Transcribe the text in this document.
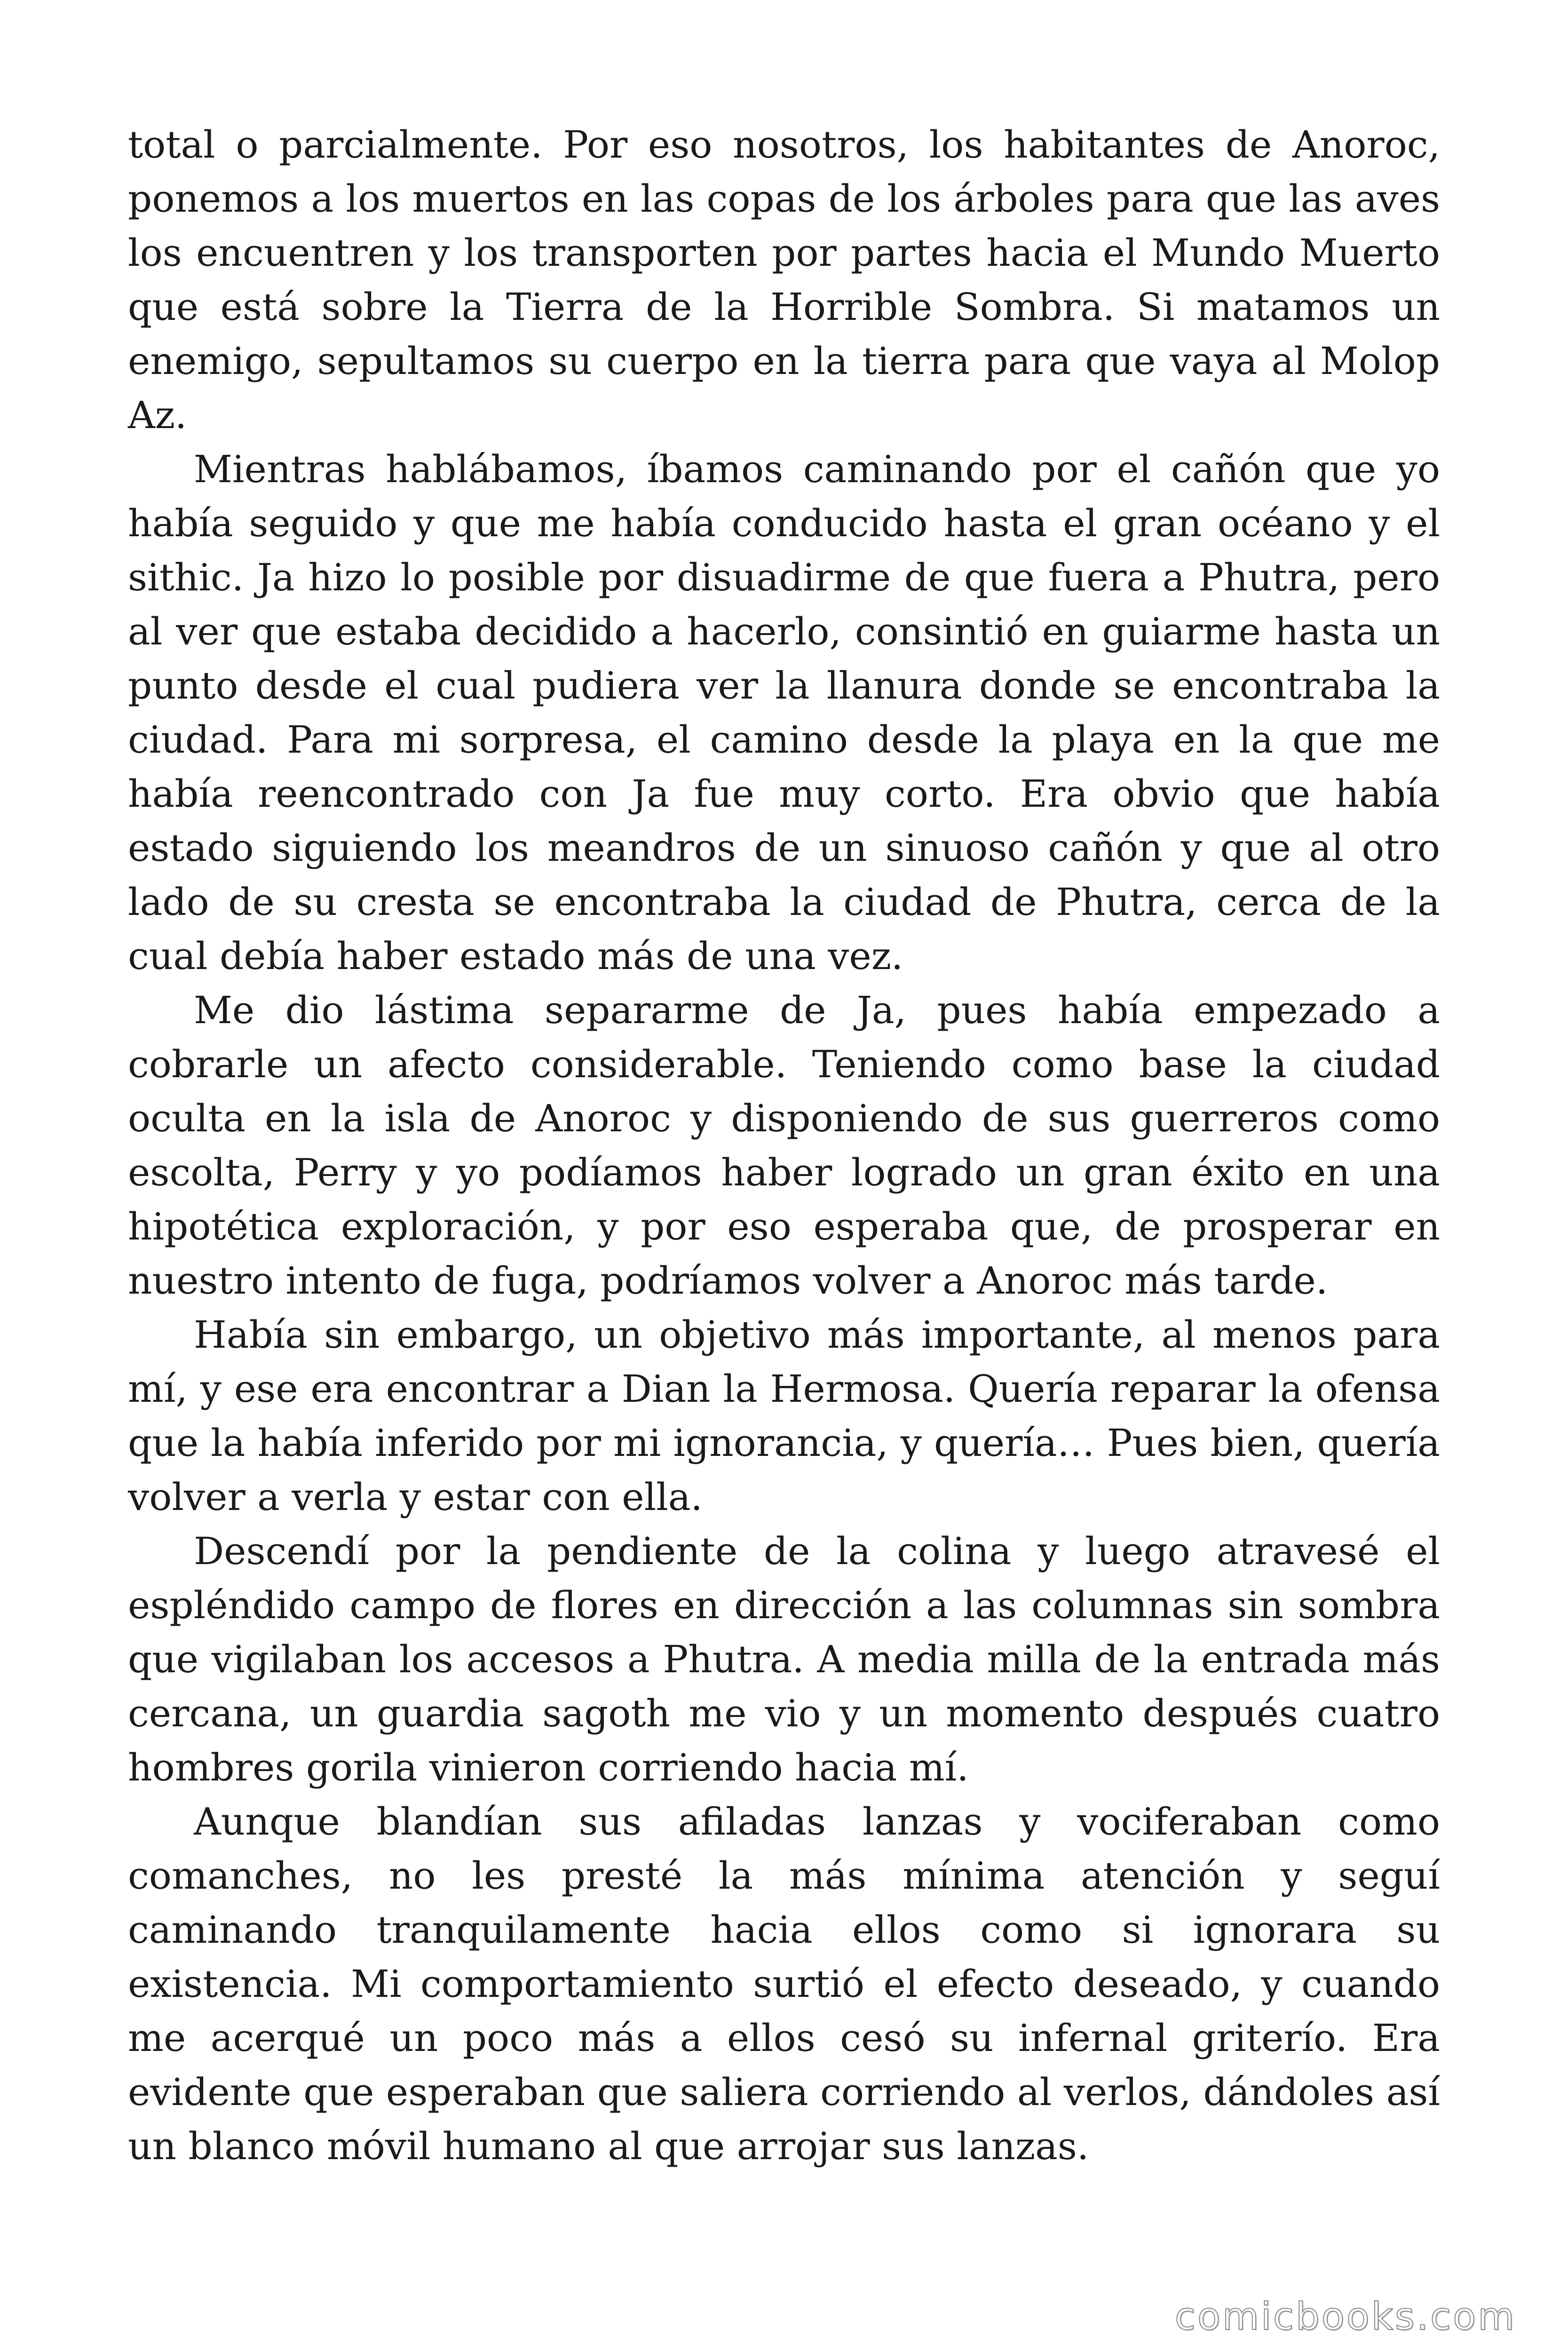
total o parcialmente. Por eso nosotros, los habitantes de Anoroc, ponemos a los muertos en las copas de los árboles para que las aves los encuentren y los transporten por partes hacia el Mundo Muerto que está sobre la Tierra de la Horrible Sombra. Si matamos un enemigo, sepultamos su cuerpo en la tierra para que vaya al Molop Az.

Mientras hablábamos, íbamos caminando por el cañón que yo había seguido y que me había conducido hasta el gran océano y el sithic. Ja hizo lo posible por disuadirme de que fuera a Phutra, pero al ver que estaba decidido a hacerlo, consintió en guiarme hasta un punto desde el cual pudiera ver la llanura donde se encontraba la ciudad. Para mi sorpresa, el camino desde la playa en la que me había reencontrado con Ja fue muy corto. Era obvio que había estado siguiendo los meandros de un sinuoso cañón y que al otro lado de su cresta se encontraba la ciudad de Phutra, cerca de la cual debía haber estado más de una vez.

Me dio lástima separarme de Ja, pues había empezado a cobrarle un afecto considerable. Teniendo como base la ciudad oculta en la isla de Anoroc y disponiendo de sus guerreros como escolta, Perry y yo podíamos haber logrado un gran éxito en una hipotética exploración, y por eso esperaba que, de prosperar en nuestro intento de fuga, podríamos volver a Anoroc más tarde.

Había sin embargo, un objetivo más importante, al menos para mí, y ese era encontrar a Dian la Hermosa. Quería reparar la ofensa que la había inferido por mi ignorancia, y quería… Pues bien, quería volver a verla y estar con ella.

Descendí por la pendiente de la colina y luego atravesé el espléndido campo de flores en dirección a las columnas sin sombra que vigilaban los accesos a Phutra. A media milla de la entrada más cercana, un guardia sagoth me vio y un momento después cuatro hombres gorila vinieron corriendo hacia mí.

Aunque blandían sus afiladas lanzas y vociferaban como comanches, no les presté la más mínima atención y seguí caminando tranquilamente hacia ellos como si ignorara su existencia. Mi comportamiento surtió el efecto deseado, y cuando me acerqué un poco más a ellos cesó su infernal griterío. Era evidente que esperaban que saliera corriendo al verlos, dándoles así un blanco móvil humano al que arrojar sus lanzas.

comicbooks.com
